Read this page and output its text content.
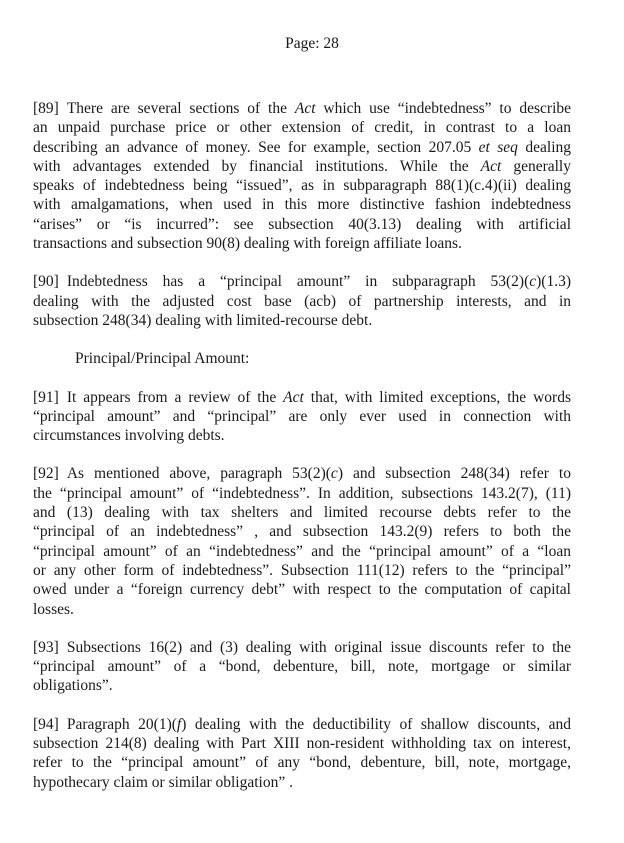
Page: 28

[89] There are several sections of the Act which use “indebtedness” to describe
an unpaid purchase price or other extension of credit, in contrast to a loan
describing an advance of money. See for example, section 207.05 et seq dealing
with advantages extended by financial institutions. While the Act generally
speaks of indebtedness being “issued”, as in subparagraph 88(1)(c.4)(ii) dealing
with amalgamations, when used in this more distinctive fashion indebtedness
“arises” or “is incurred”: see subsection 40(3.13) dealing with artificial
transactions and subsection 90(8) dealing with foreign affiliate loans.

[90] Indebtedness has a “principal amount” in subparagraph 53(2)(c)(1.3)
dealing with the adjusted cost base (acb) of partnership interests, and in
subsection 248(34) dealing with limited-recourse debt.

Principal/Principal Amount:

[91] It appears from a review of the Act that, with limited exceptions, the words
“principal amount” and “principal” are only ever used in connection with
circumstances involving debts.

[92] As mentioned above, paragraph 53(2)(c) and subsection 248(34) refer to
the “principal amount” of “indebtedness”. In addition, subsections 143.2(7), (11)
and (13) dealing with tax shelters and limited recourse debts refer to the
“principal of an indebtedness” , and subsection 143.2(9) refers to both the
“principal amount” of an “indebtedness” and the “principal amount” of a “loan
or any other form of indebtedness”. Subsection 111(12) refers to the “principal”
owed under a “foreign currency debt” with respect to the computation of capital
losses.

[93] Subsections 16(2) and (3) dealing with original issue discounts refer to the
“principal amount” of a “bond, debenture, bill, note, mortgage or similar
obligations”.

[94] Paragraph 20(1)(f) dealing with the deductibility of shallow discounts, and
subsection 214(8) dealing with Part XIII non-resident withholding tax on interest,
refer to the “principal amount” of any “bond, debenture, bill, note, mortgage,
hypothecary claim or similar obligation” .
